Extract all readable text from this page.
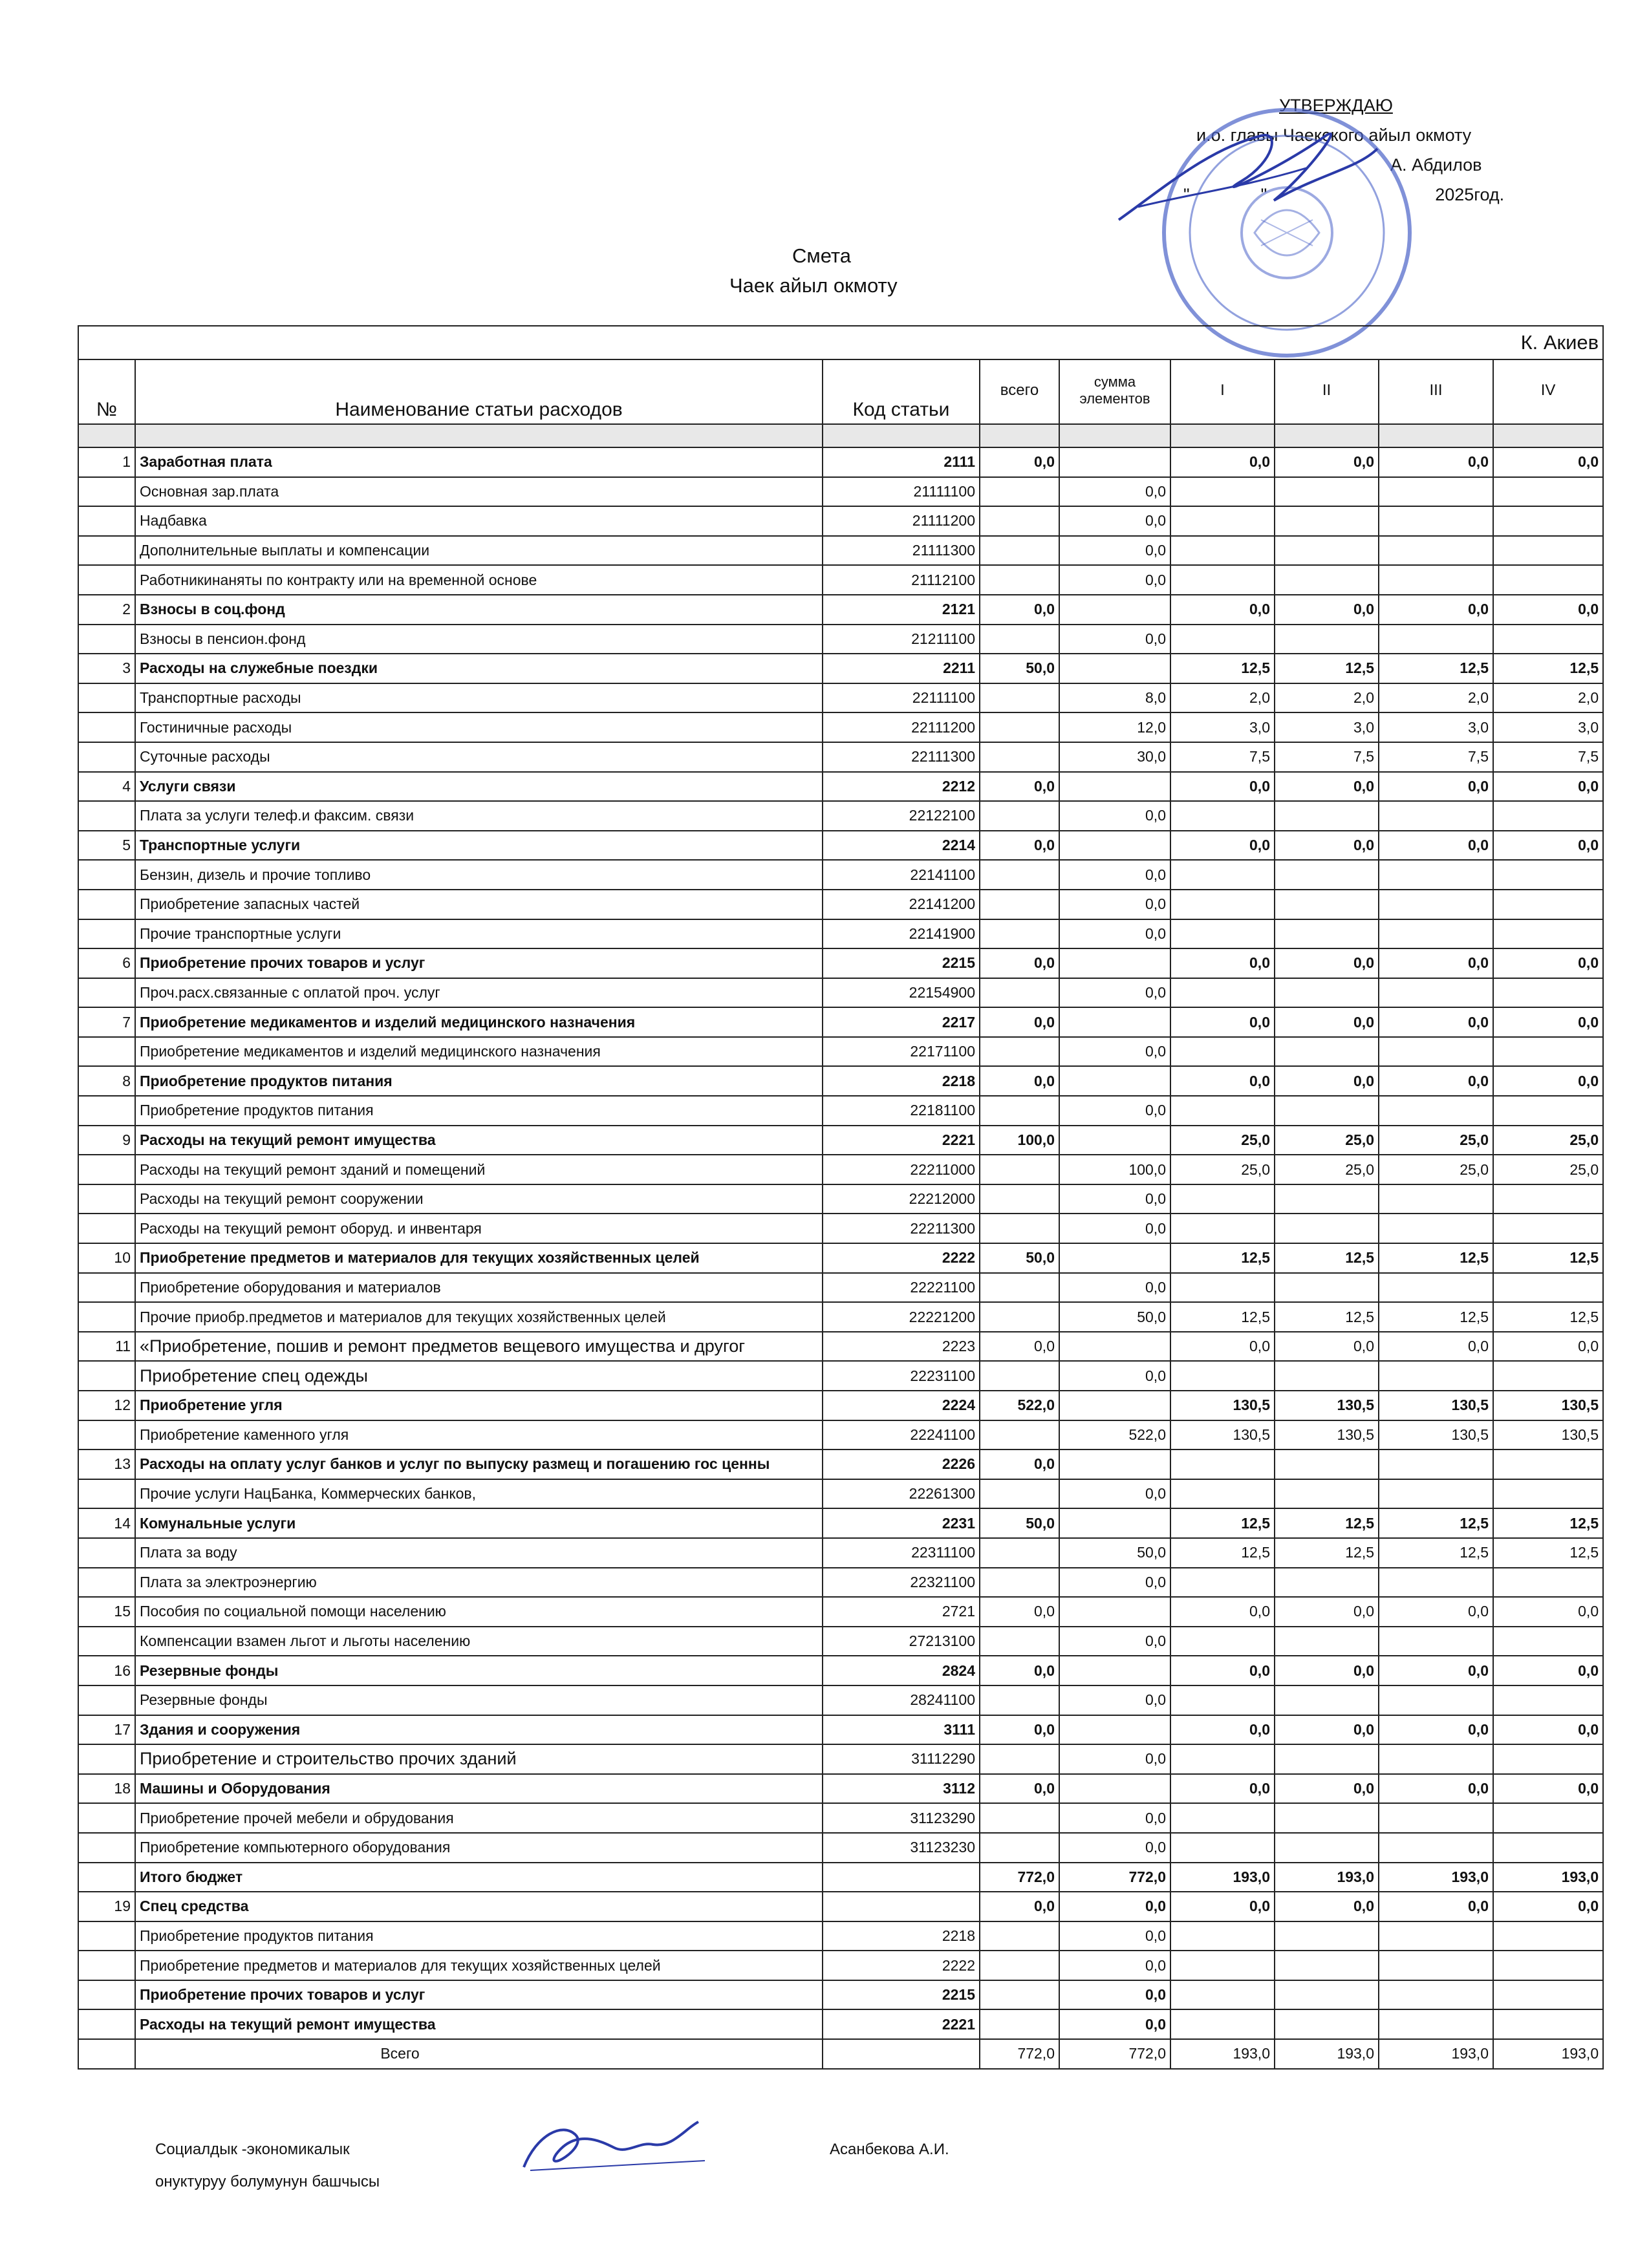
УТВЕРЖДАЮ
и.о. главы Чаекского айыл окмоту
А. Абдилов
"	"	2025год.
Смета
Чаек айыл окмоту
К. Акиев								
№	Наименование статьи расходов	Код статьи	всего	сумма элементов	I	II	III	IV

1	Заработная плата	2111	0,0		0,0	0,0	0,0	0,0
	Основная зар.плата	21111100		0,0				
	Надбавка	21111200		0,0				
	Дополнительные выплаты и компенсации	21111300		0,0				
	Работникинаняты по контракту или на временной основе	21112100		0,0				
2	Взносы в соц.фонд	2121	0,0		0,0	0,0	0,0	0,0
	Взносы в пенсион.фонд	21211100		0,0				
3	Расходы на служебные поездки	2211	50,0		12,5	12,5	12,5	12,5
	Транспортные расходы	22111100		8,0	2,0	2,0	2,0	2,0
	Гостиничные расходы	22111200		12,0	3,0	3,0	3,0	3,0
	Суточные расходы	22111300		30,0	7,5	7,5	7,5	7,5
4	Услуги связи	2212	0,0		0,0	0,0	0,0	0,0
	Плата за услуги телеф.и факсим. связи	22122100		0,0				
5	Транспортные услуги	2214	0,0		0,0	0,0	0,0	0,0
	Бензин, дизель и прочие топливо	22141100		0,0				
	Приобретение запасных частей	22141200		0,0				
	Прочие транспортные услуги	22141900		0,0				
6	Приобретение прочих товаров и услуг	2215	0,0		0,0	0,0	0,0	0,0
	Проч.расх.связанные с оплатой проч. услуг	22154900		0,0				
7	Приобретение медикаментов и изделий медицинского назначения	2217	0,0		0,0	0,0	0,0	0,0
	Приобретение медикаментов и изделий медицинского назначения	22171100		0,0				
8	Приобретение продуктов питания	2218	0,0		0,0	0,0	0,0	0,0
	Приобретение продуктов питания	22181100		0,0				
9	Расходы на текущий ремонт имущества	2221	100,0		25,0	25,0	25,0	25,0
	Расходы на текущий ремонт зданий и помещений	22211000		100,0	25,0	25,0	25,0	25,0
	Расходы на текущий ремонт сооружении	22212000		0,0				
	Расходы на текущий ремонт оборуд. и инвентаря	22211300		0,0				
10	Приобретение предметов и материалов для текущих хозяйственных целей	2222	50,0		12,5	12,5	12,5	12,5
	Приобретение оборудования и материалов	22221100		0,0				
	Прочие приобр.предметов и материалов для текущих хозяйственных целей	22221200		50,0	12,5	12,5	12,5	12,5
11	«Приобретение, пошив и ремонт предметов вещевого имущества и другог	2223	0,0		0,0	0,0	0,0	0,0
	Приобретение спец одежды	22231100		0,0				
12	Приобретение угля	2224	522,0		130,5	130,5	130,5	130,5
	Приобретение каменного угля	22241100		522,0	130,5	130,5	130,5	130,5
13	Расходы на оплату услуг банков и услуг по выпуску размещ и погашению гос ценны	2226	0,0					
	Прочие услуги НацБанка, Коммерческих банков,	22261300		0,0				
14	Комунальные услуги	2231	50,0		12,5	12,5	12,5	12,5
	Плата за воду	22311100		50,0	12,5	12,5	12,5	12,5
	Плата за электроэнергию	22321100		0,0				
15	Пособия по социальной помощи населению	2721	0,0		0,0	0,0	0,0	0,0
	Компенсации взамен льгот и льготы населению	27213100		0,0				
16	Резервные фонды	2824	0,0		0,0	0,0	0,0	0,0
	Резервные фонды	28241100		0,0				
17	Здания и сооружения	3111	0,0		0,0	0,0	0,0	0,0
	Приобретение и строительство прочих зданий	31112290		0,0				
18	Машины и Оборудования	3112	0,0		0,0	0,0	0,0	0,0
	Приобретение прочей мебели и обрудования	31123290		0,0				
	Приобретение компьютерного оборудования	31123230		0,0				
	Итого бюджет		772,0	772,0	193,0	193,0	193,0	193,0
19	Спец средства		0,0	0,0	0,0	0,0	0,0	0,0
	Приобретение продуктов питания	2218		0,0				
	Приобретение предметов и материалов для текущих хозяйственных целей	2222		0,0				
	Приобретение прочих товаров и услуг	2215		0,0				
	Расходы на текущий ремонт имущества	2221		0,0				
	Всего		772,0	772,0	193,0	193,0	193,0	193,0
Социалдык -экономикалык
онуктуруу болумунун башчысы
Асанбекова А.И.
